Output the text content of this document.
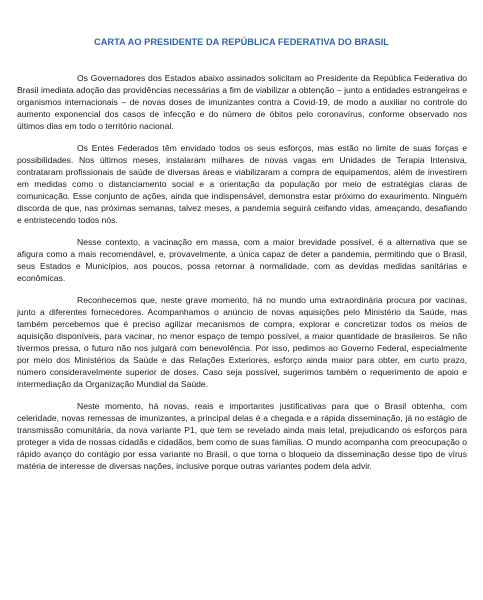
CARTA AO PRESIDENTE DA REPÚBLICA FEDERATIVA DO BRASIL

Os Governadores dos Estados abaixo assinados solicitam ao Presidente da República Federativa do Brasil imediata adoção das providências necessárias a fim de viabilizar a obtenção – junto a entidades estrangeiras e organismos internacionais – de novas doses de imunizantes contra a Covid-19, de modo a auxiliar no controle do aumento exponencial dos casos de infecção e do número de óbitos pelo coronavírus, conforme observado nos últimos dias em todo o território nacional.

Os Entes Federados têm envidado todos os seus esforços, mas estão no limite de suas forças e possibilidades. Nos últimos meses, instalaram milhares de novas vagas em Unidades de Terapia Intensiva, contrataram profissionais de saúde de diversas áreas e viabilizaram a compra de equipamentos, além de investirem em medidas como o distanciamento social e a orientação da população por meio de estratégias claras de comunicação. Esse conjunto de ações, ainda que indispensável, demonstra estar próximo do exaurimento. Ninguém discorda de que, nas próximas semanas, talvez meses, a pandemia seguirá ceifando vidas, ameaçando, desafiando e entristecendo todos nós.

Nesse contexto, a vacinação em massa, com a maior brevidade possível, é a alternativa que se afigura como a mais recomendável, e, provavelmente, a única capaz de deter a pandemia, permitindo que o Brasil, seus Estados e Municípios, aos poucos, possa retornar à normalidade, com as devidas medidas sanitárias e econômicas.

Reconhecemos que, neste grave momento, há no mundo uma extraordinária procura por vacinas, junto a diferentes fornecedores. Acompanhamos o anúncio de novas aquisições pelo Ministério da Saúde, mas também percebemos que é preciso agilizar mecanismos de compra, explorar e concretizar todos os meios de aquisição disponíveis, para vacinar, no menor espaço de tempo possível, a maior quantidade de brasileiros. Se não tivermos pressa, o futuro não nos julgará com benevolência. Por isso, pedimos ao Governo Federal, especialmente por meio dos Ministérios da Saúde e das Relações Exteriores, esforço ainda maior para obter, em curto prazo, número consideravelmente superior de doses. Caso seja possível, sugerimos também o requerimento de apoio e intermediação da Organização Mundial da Saúde.

Neste momento, há novas, reais e importantes justificativas para que o Brasil obtenha, com celeridade, novas remessas de imunizantes, a principal delas é a chegada e a rápida disseminação, já no estágio de transmissão comunitária, da nova variante P1, que tem se revelado ainda mais letal, prejudicando os esforços para proteger a vida de nossas cidadãs e cidadãos, bem como de suas famílias. O mundo acompanha com preocupação o rápido avanço do contágio por essa variante no Brasil, o que torna o bloqueio da disseminação desse tipo de vírus matéria de interesse de diversas nações, inclusive porque outras variantes podem dela advir.
